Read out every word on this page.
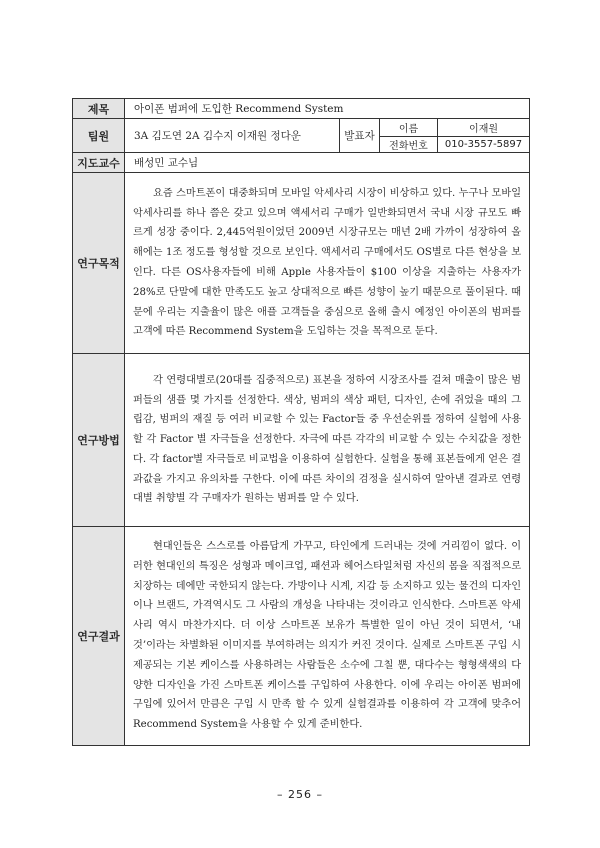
제목	아이폰 범퍼에 도입한 Recommend System			
팀원	3A 김도연 2A 김수지 이재원 정다운	발표자	이름	이재원
			전화번호	010-3557-5897
지도교수	배성민 교수님			
연구목적	요즘 스마트폰이 대중화되며 모바일 악세사리 시장이 비상하고 있다. 누구나 모바일 악세사리를 하나 쯤은 갖고 있으며 액세서리 구매가 일반화되면서 국내 시장 규모도 빠르게 성장 중이다. 2,445억원이었던 2009년 시장규모는 매년 2배 가까이 성장하여 올해에는 1조 정도를 형성할 것으로 보인다. 액세서리 구매에서도 OS별로 다른 현상을 보인다. 다른 OS사용자들에 비해 Apple 사용자들이 $100 이상을 지출하는 사용자가 28%로 단말에 대한 만족도도 높고 상대적으로 빠른 성향이 높기 때문으로 풀이된다. 때문에 우리는 지출율이 많은 애플 고객들을 중심으로 올해 출시 예정인 아이폰의 범퍼를 고객에 따른 Recommend System을 도입하는 것을 목적으로 둔다.			

연구방법	각 연령대별로(20대를 집중적으로) 표본을 정하여 시장조사를 걸쳐 매출이 많은 범퍼들의 샘플 몇 가지를 선정한다. 색상, 범퍼의 색상 패턴, 디자인, 손에 쥐었을 때의 그립감, 범퍼의 재질 등 여러 비교할 수 있는 Factor들 중 우선순위를 정하여 실험에 사용 할 각 Factor 별 자극들을 선정한다. 자극에 따른 각각의 비교할 수 있는 수치값을 정한다. 각 factor별 자극들로 비교법을 이용하여 실험한다. 실험을 통해 표본들에게 얻은 결과값을 가지고 유의차를 구한다. 이에 따른 차이의 검정을 실시하여 알아낸 결과로 연령대별 취향별 각 구매자가 원하는 범퍼를 알 수 있다.			

연구결과	현대인들은 스스로를 아름답게 가꾸고, 타인에게 드러내는 것에 거리낌이 없다. 이러한 현대인의 특징은 성형과 메이크업, 패션과 헤어스타일처럼 자신의 몸을 직접적으로 치장하는 데에만 국한되지 않는다. 가방이나 시계, 지갑 등 소지하고 있는 물건의 디자인이나 브랜드, 가격역시도 그 사람의 개성을 나타내는 것이라고 인식한다. 스마트폰 악세사리 역시 마찬가지다. 더 이상 스마트폰 보유가 특별한 일이 아닌 것이 되면서, ‘내 것’이라는 차별화된 이미지를 부여하려는 의지가 커진 것이다. 실제로 스마트폰 구입 시 제공되는 기본 케이스를 사용하려는 사람들은 소수에 그칠 뿐, 대다수는 형형색색의 다양한 디자인을 가진 스마트폰 케이스를 구입하여 사용한다. 이에 우리는 아이폰 범퍼에 구입에 있어서 만큼은 구입 시 만족 할 수 있게 실험결과를 이용하여 각 고객에 맞추어 Recommend System을 사용할 수 있게 준비한다.			

– 256 –
